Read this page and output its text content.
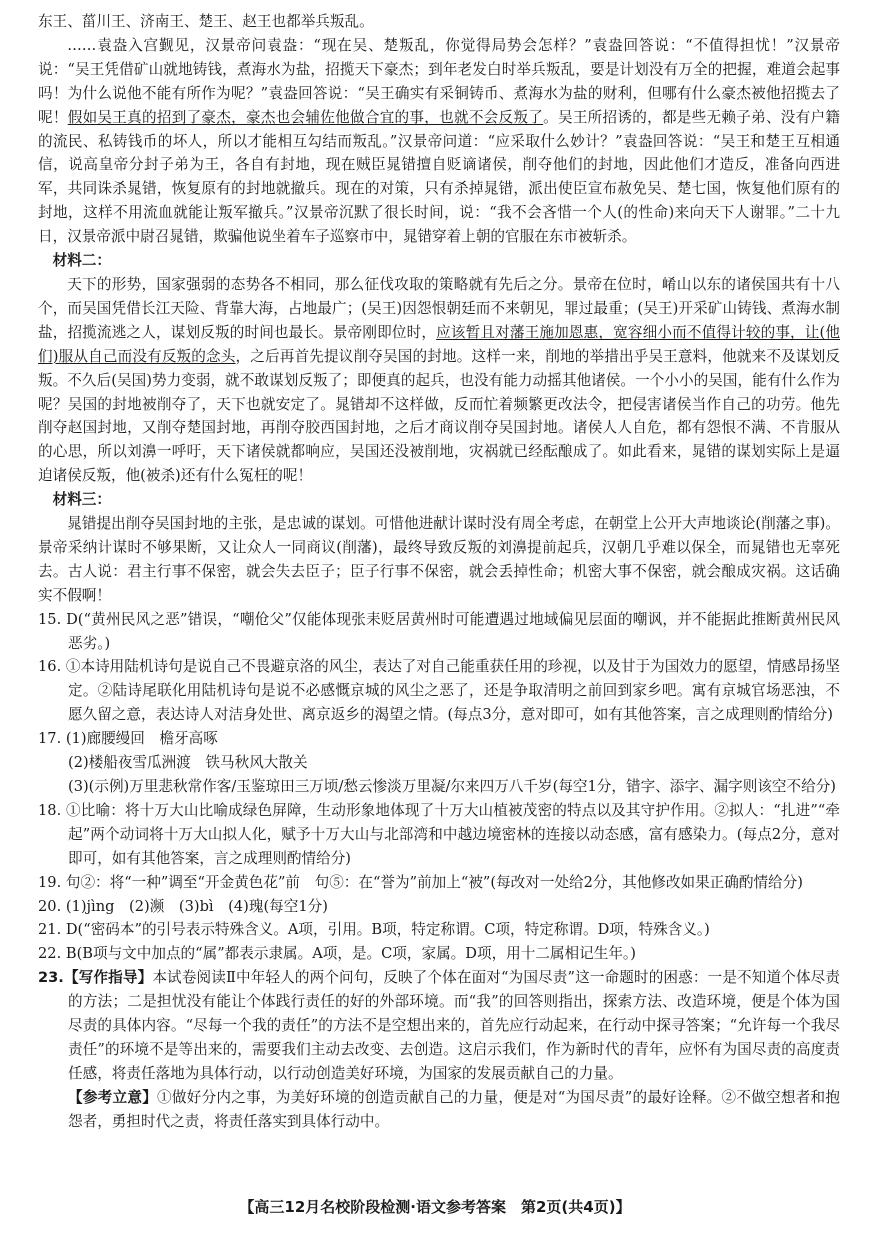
东王、菑川王、济南王、楚王、赵王也都举兵叛乱。

……袁盎入宫觐见，汉景帝问袁盎：“现在吴、楚叛乱，你觉得局势会怎样？”袁盎回答说：“不值得担忧！”汉景帝说：“吴王凭借矿山就地铸钱，煮海水为盐，招揽天下豪杰；到年老发白时举兵叛乱，要是计划没有万全的把握，难道会起事吗！为什么说他不能有所作为呢？”袁盎回答说：“吴王确实有采铜铸币、煮海水为盐的财利，但哪有什么豪杰被他招揽去了呢！假如吴王真的招到了豪杰，豪杰也会辅佐他做合宜的事，也就不会反叛了。吴王所招诱的，都是些无赖子弟、没有户籍的流民、私铸钱币的坏人，所以才能相互勾结而叛乱。”汉景帝问道：“应采取什么妙计？”袁盎回答说：“吴王和楚王互相通信，说高皇帝分封子弟为王，各自有封地，现在贼臣晁错擅自贬谪诸侯，削夺他们的封地，因此他们才造反，准备向西进军，共同诛杀晁错，恢复原有的封地就撤兵。现在的对策，只有杀掉晁错，派出使臣宣布赦免吴、楚七国，恢复他们原有的封地，这样不用流血就能让叛军撤兵。”汉景帝沉默了很长时间，说：“我不会吝惜一个人(的性命)来向天下人谢罪。”二十九日，汉景帝派中尉召晁错，欺骗他说坐着车子巡察市中，晁错穿着上朝的官服在东市被斩杀。

材料二：

天下的形势，国家强弱的态势各不相同，那么征伐攻取的策略就有先后之分。景帝在位时，崤山以东的诸侯国共有十八个，而吴国凭借长江天险、背靠大海，占地最广；(吴王)因怨恨朝廷而不来朝见，罪过最重；(吴王)开采矿山铸钱、煮海水制盐，招揽流逃之人，谋划反叛的时间也最长。景帝刚即位时，应该暂且对藩王施加恩惠，宽容细小而不值得计较的事，让(他们)服从自己而没有反叛的念头，之后再首先提议削夺吴国的封地。这样一来，削地的举措出乎吴王意料，他就来不及谋划反叛。不久后(吴国)势力变弱，就不敢谋划反叛了；即便真的起兵，也没有能力动摇其他诸侯。一个小小的吴国，能有什么作为呢？吴国的封地被削夺了，天下也就安定了。晁错却不这样做，反而忙着频繁更改法令，把侵害诸侯当作自己的功劳。他先削夺赵国封地，又削夺楚国封地，再削夺胶西国封地，之后才商议削夺吴国封地。诸侯人人自危，都有怨恨不满、不肯服从的心思，所以刘濞一呼吁，天下诸侯就都响应，吴国还没被削地，灾祸就已经酝酿成了。如此看来，晁错的谋划实际上是逼迫诸侯反叛，他(被杀)还有什么冤枉的呢！

材料三：

晁错提出削夺吴国封地的主张，是忠诚的谋划。可惜他进献计谋时没有周全考虑，在朝堂上公开大声地谈论(削藩之事)。景帝采纳计谋时不够果断，又让众人一同商议(削藩)，最终导致反叛的刘濞提前起兵，汉朝几乎难以保全，而晁错也无辜死去。古人说：君主行事不保密，就会失去臣子；臣子行事不保密，就会丢掉性命；机密大事不保密，就会酿成灾祸。这话确实不假啊！

15. D(“黄州民风之恶”错误，“嘲伧父”仅能体现张耒贬居黄州时可能遭遇过地域偏见层面的嘲讽，并不能据此推断黄州民风恶劣。)

16. ①本诗用陆机诗句是说自己不畏避京洛的风尘，表达了对自己能重获任用的珍视，以及甘于为国效力的愿望，情感昂扬坚定。②陆诗尾联化用陆机诗句是说不必感慨京城的风尘之恶了，还是争取清明之前回到家乡吧。寓有京城官场恶浊，不愿久留之意，表达诗人对洁身处世、离京返乡的渴望之情。(每点3分，意对即可，如有其他答案，言之成理则酌情给分)

17. (1)廊腰缦回　檐牙高啄

(2)楼船夜雪瓜洲渡　铁马秋风大散关

(3)(示例)万里悲秋常作客/玉鉴琼田三万顷/愁云惨淡万里凝/尔来四万八千岁(每空1分，错字、添字、漏字则该空不给分)

18. ①比喻：将十万大山比喻成绿色屏障，生动形象地体现了十万大山植被茂密的特点以及其守护作用。②拟人：“扎进”“牵起”两个动词将十万大山拟人化，赋予十万大山与北部湾和中越边境密林的连接以动态感，富有感染力。(每点2分，意对即可，如有其他答案，言之成理则酌情给分)

19. 句②：将“一种”调至“开金黄色花”前　句⑤：在“誉为”前加上“被”(每改对一处给2分，其他修改如果正确酌情给分)

20. (1)jìng　(2)濒　(3)bì　(4)瑰(每空1分)

21. D(“密码本”的引号表示特殊含义。A项，引用。B项，特定称谓。C项，特定称谓。D项，特殊含义。)

22. B(B项与文中加点的“属”都表示隶属。A项，是。C项，家属。D项，用十二属相记生年。)

23.【写作指导】本试卷阅读Ⅱ中年轻人的两个问句，反映了个体在面对“为国尽责”这一命题时的困惑：一是不知道个体尽责的方法；二是担忧没有能让个体践行责任的好的外部环境。而“我”的回答则指出，探索方法、改造环境，便是个体为国尽责的具体内容。“尽每一个我的责任”的方法不是空想出来的，首先应行动起来，在行动中探寻答案；“允许每一个我尽责任”的环境不是等出来的，需要我们主动去改变、去创造。这启示我们，作为新时代的青年，应怀有为国尽责的高度责任感，将责任落地为具体行动，以行动创造美好环境，为国家的发展贡献自己的力量。

【参考立意】①做好分内之事，为美好环境的创造贡献自己的力量，便是对“为国尽责”的最好诠释。②不做空想者和抱怨者，勇担时代之责，将责任落实到具体行动中。

【高三12月名校阶段检测·语文参考答案　第2页(共4页)】
